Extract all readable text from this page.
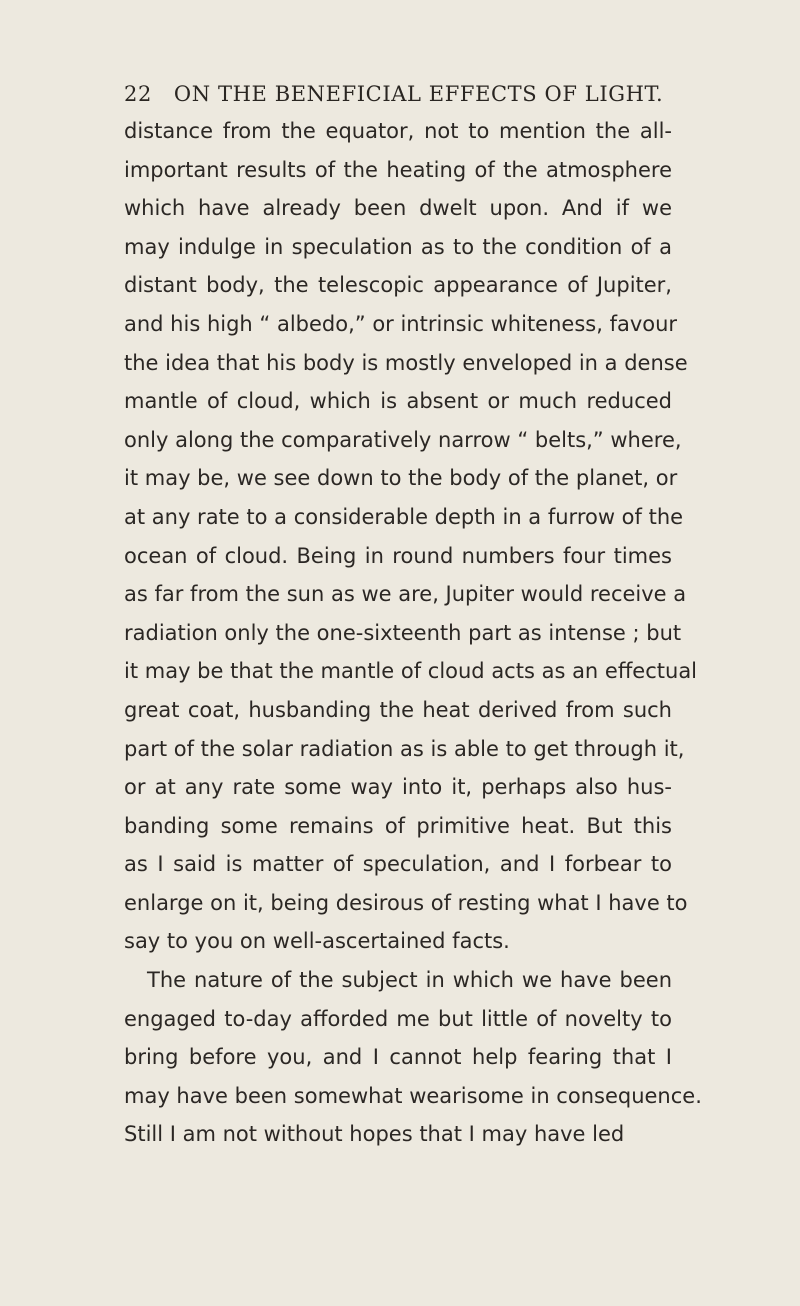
22 ON THE BENEFICIAL EFFECTS OF LIGHT.
distance from the equator, not to mention the all-
important results of the heating of the atmosphere
which have already been dwelt upon. And if we
may indulge in speculation as to the condition of a
distant body, the telescopic appearance of Jupiter,
and his high “ albedo,” or intrinsic whiteness, favour
the idea that his body is mostly enveloped in a dense
mantle of cloud, which is absent or much reduced
only along the comparatively narrow “ belts,” where,
it may be, we see down to the body of the planet, or
at any rate to a considerable depth in a furrow of the
ocean of cloud. Being in round numbers four times
as far from the sun as we are, Jupiter would receive a
radiation only the one-sixteenth part as intense ; but
it may be that the mantle of cloud acts as an effectual
great coat, husbanding the heat derived from such
part of the solar radiation as is able to get through it,
or at any rate some way into it, perhaps also hus-
banding some remains of primitive heat. But this
as I said is matter of speculation, and I forbear to
enlarge on it, being desirous of resting what I have to
say to you on well-ascertained facts.
The nature of the subject in which we have been
engaged to-day afforded me but little of novelty to
bring before you, and I cannot help fearing that I
may have been somewhat wearisome in consequence.
Still I am not without hopes that I may have led
